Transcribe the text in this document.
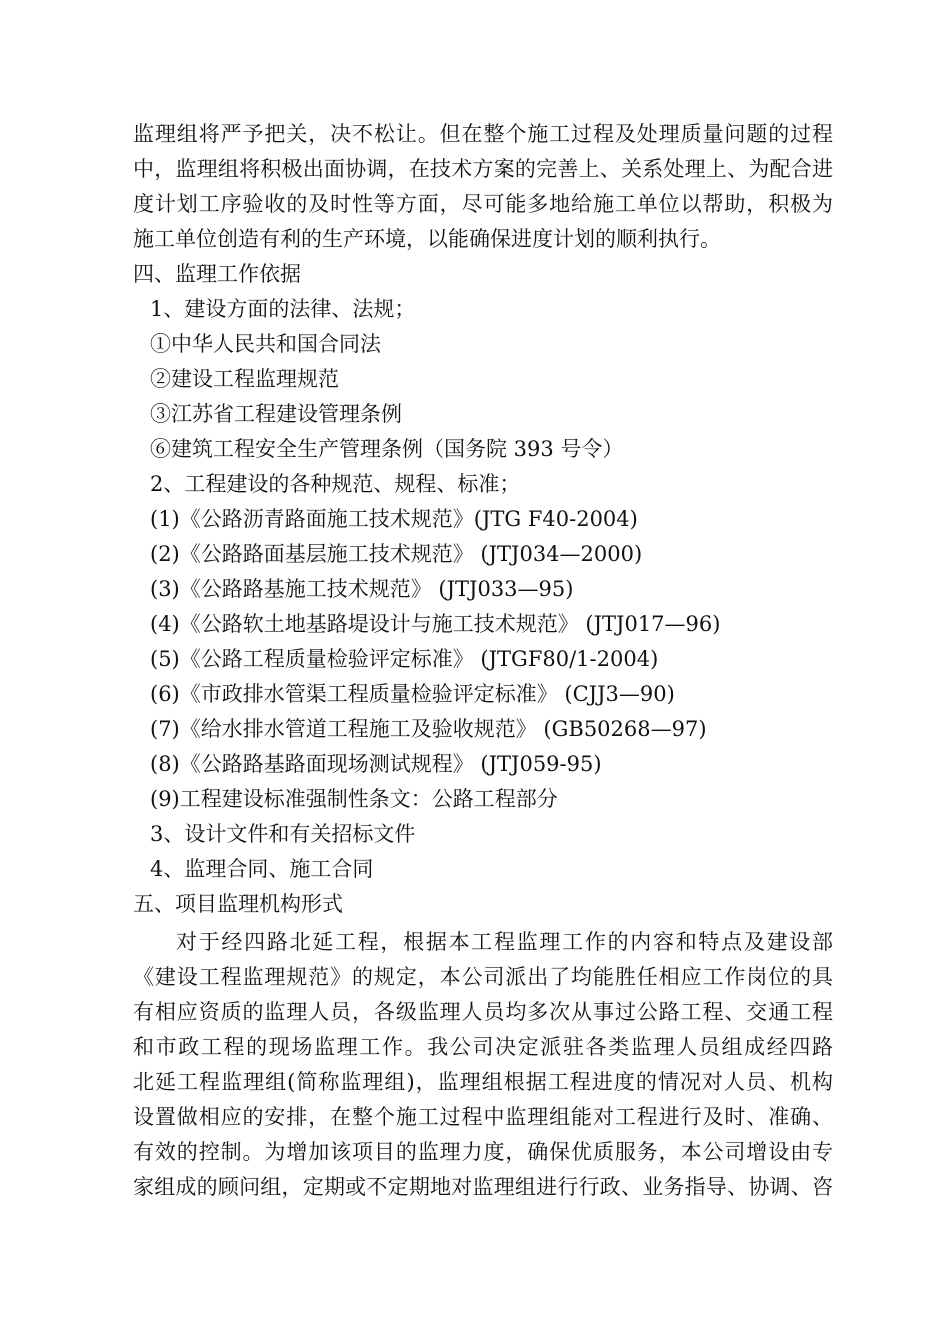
监理组将严予把关，决不松让。但在整个施工过程及处理质量问题的过程
中，监理组将积极出面协调，在技术方案的完善上、关系处理上、为配合进
度计划工序验收的及时性等方面，尽可能多地给施工单位以帮助，积极为
施工单位创造有利的生产环境，以能确保进度计划的顺利执行。
四、监理工作依据
1、建设方面的法律、法规；
①中华人民共和国合同法
②建设工程监理规范
③江苏省工程建设管理条例
⑥建筑工程安全生产管理条例（国务院 393 号令）
2、工程建设的各种规范、规程、标准；
(1)《公路沥青路面施工技术规范》(JTG F40-2004)
(2)《公路路面基层施工技术规范》 (JTJ034—2000)
(3)《公路路基施工技术规范》 (JTJ033—95)
(4)《公路软土地基路堤设计与施工技术规范》 (JTJ017—96)
(5)《公路工程质量检验评定标准》 (JTGF80/1-2004)
(6)《市政排水管渠工程质量检验评定标准》 (CJJ3—90)
(7)《给水排水管道工程施工及验收规范》 (GB50268—97)
(8)《公路路基路面现场测试规程》 (JTJ059-95)
(9)工程建设标准强制性条文：公路工程部分
3、设计文件和有关招标文件
4、监理合同、施工合同
五、项目监理机构形式
对于经四路北延工程，根据本工程监理工作的内容和特点及建设部
《建设工程监理规范》的规定，本公司派出了均能胜任相应工作岗位的具
有相应资质的监理人员，各级监理人员均多次从事过公路工程、交通工程
和市政工程的现场监理工作。我公司决定派驻各类监理人员组成经四路
北延工程监理组(简称监理组)，监理组根据工程进度的情况对人员、机构
设置做相应的安排，在整个施工过程中监理组能对工程进行及时、准确、
有效的控制。为增加该项目的监理力度，确保优质服务，本公司增设由专
家组成的顾问组，定期或不定期地对监理组进行行政、业务指导、协调、咨
